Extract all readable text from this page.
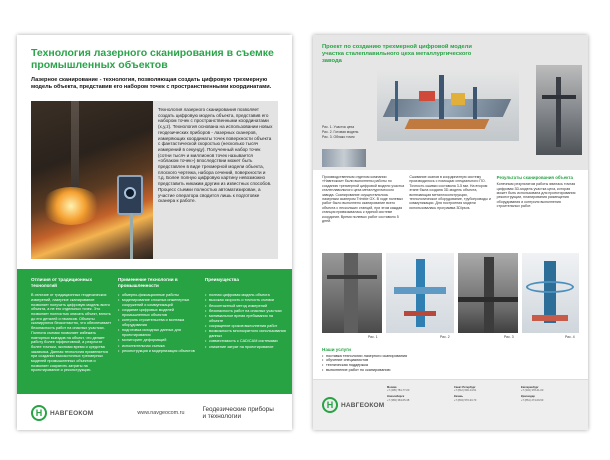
Технология лазерного сканирования в съемке промышленных объектов
Лазерное сканирование - технология, позволяющая создать цифровую трехмерную модель объекта, представив его набором точек с пространственными координатами.
Технология лазерного сканирования позволяет создать цифровую модель объекта, представив его набором точек с пространственными координатами (x,y,z). Технология основана на использовании новых геодезических приборов - лазерных сканеров, измеряющих координаты точек поверхности объекта с фантастической скоростью (несколько тысяч измерений в секунду). Полученный набор точек (сотни тысяч и миллионов точек называется «облаком точек») впоследствии может быть представлен в виде трехмерной модели объекта, плоского чертежа, набора сечений, поверхности и т.д. Более полную цифровую картину невозможно представить никаким другим из известных способов. Процесс съемки полностью автоматизирован, а участие оператора сводится лишь к подготовке сканера к работе.
Отличия от традиционных технологий
В отличие от традиционных геодезических измерений, лазерное сканирование позволяет получить цифровую модель всего объекта, а не его отдельных точек. Это позволяет полностью описать объект, вплоть до его деталей и нюансов. Объекты сканируются бесконтактно, что обеспечивает безопасность работ на опасных участках. Полнота съемки позволяет избежать повторных выездов на объект, что делает работу более эффективной, а результат более точным, экономя время и средства заказчика. Данная технология применяется при создании высокоточных трехмерных моделей промышленных объектов и позволяет сократить затраты на проектирование и реконструкцию.
Применение технологии в промышленности
• обмерно-фиксационные работы
• моделирование сложных инженерных сооружений и коммуникаций
• создание цифровых моделей промышленных объектов
• контроль строительства и монтажа оборудования
• подготовка исходных данных для проектирования
• мониторинг деформаций
• исполнительная съемка
• реконструкция и модернизация объектов
Преимущества
• полная цифровая модель объекта
• высокая скорость и точность съемки
• бесконтактный метод измерений
• безопасность работ на опасных участках
• минимальное время пребывания на объекте
• сокращение сроков выполнения работ
• возможность многократного использования данных
• совместимость с CAD/CAM системами
• снижение затрат на проектирование
H	НАВГЕОКОМ	www.navgeocom.ru
Геодезические приборы
и технологии
Проект по созданию трехмерной цифровой модели участка сталеплавильного цеха металлургического завода
Рис. 1. Участок цеха
Рис. 2. Готовая модель
Рис. 3. Облако точек
Производственным отделом компании «Навгеоком» были выполнены работы по созданию трехмерной цифровой модели участка сталеплавильного цеха металлургического завода. Сканирование осуществлялось лазерным сканером Trimble GX. В ходе полевых работ было выполнено сканирование всего объекта с нескольких станций, при этом каждая станция привязывалась к единой системе координат. Время полевых работ составило 5 дней.
Сшивание сканов в координатную систему производилось с помощью специального ПО. Точность сшивки составила 3-5 мм. На втором этапе была создана 3D-модель объекта, включающая металлоконструкции, технологическое оборудование, трубопроводы и коммуникации. Для построения модели использовалась программа 3Dipsos.
Результаты сканирования объекта
Конечным результатом работы явилась точная цифровая 3D-модель участка цеха, которая может быть использована для проектирования реконструкции, планирования размещения оборудования и контроля выполнения строительных работ.
Рис. 1	Рис. 2	Рис. 3	Рис. 4
Наши услуги
• поставка технологии лазерного сканирования
• обучение специалистов
• техническая поддержка
• выполнение работ по сканированию
H	НАВГЕОКОМ
Москва
+7 (495) 781-77-00
Санкт-Петербург
+7 (812) 600-14-51
Екатеринбург
+7 (343) 378-41-00
Новосибирск
+7 (383) 363-05-38
Казань
+7 (843) 570-33-73
Краснодар
+7 (861) 274-09-50
